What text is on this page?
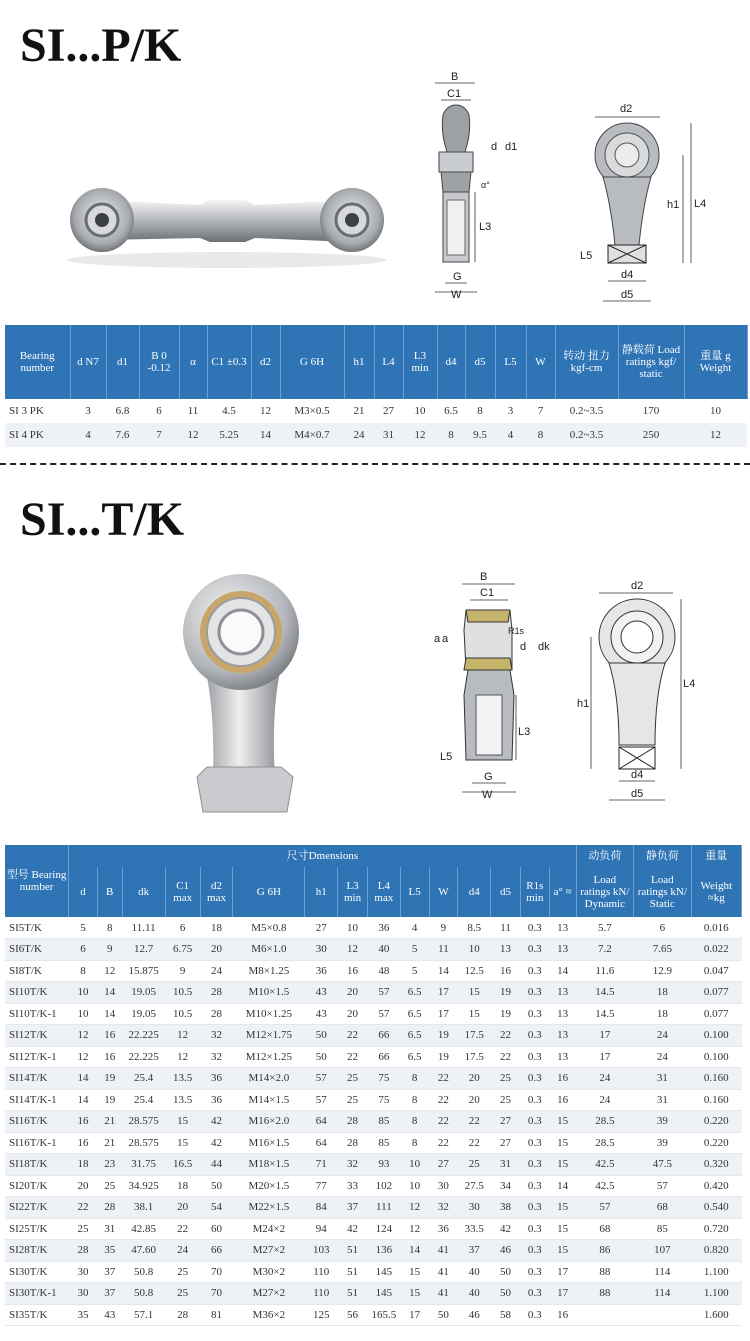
SI...P/K
B
C1
d d1
α°
L3
G
W
d2
h1 L4
L5
d4
d5
Bearing number	d N7	d1	B 0 -0.12	α	C1 ±0.3	d2	G 6H	h1	L4	L3 min	d4	d5	L5	W	转动 扭力 kgf-cm	静载荷 Load ratings kgf/ static	重量 g Weight
SI 3 PK	3	6.8	6	11	4.5	12	M3×0.5	21	27	10	6.5	8	3	7	0.2~3.5	170	10
SI 4 PK	4	7.6	7	12	5.25	14	M4×0.7	24	31	12	8	9.5	4	8	0.2~3.5	250	12
SI...T/K
B
C1
R1s
d dk
a a
L3
L5
G
W
d2
h1
L4
d4
d5
型号 Bearing number	尺寸Dmensions															动负荷	静负荷	重量
	d	B	dk	C1 max	d2 max	G 6H	h1	L3 min	L4 max	L5	W	d4	d5	R1s min	a° ≈	Load ratings kN/ Dynamic	Load ratings kN/ Static	Weight ≈kg
SI5T/K	5	8	11.11	6	18	M5×0.8	27	10	36	4	9	8.5	11	0.3	13	5.7	6	0.016
SI6T/K	6	9	12.7	6.75	20	M6×1.0	30	12	40	5	11	10	13	0.3	13	7.2	7.65	0.022
SI8T/K	8	12	15.875	9	24	M8×1.25	36	16	48	5	14	12.5	16	0.3	14	11.6	12.9	0.047
SI10T/K	10	14	19.05	10.5	28	M10×1.5	43	20	57	6.5	17	15	19	0.3	13	14.5	18	0.077
SI10T/K-1	10	14	19.05	10.5	28	M10×1.25	43	20	57	6.5	17	15	19	0.3	13	14.5	18	0.077
SI12T/K	12	16	22.225	12	32	M12×1.75	50	22	66	6.5	19	17.5	22	0.3	13	17	24	0.100
SI12T/K-1	12	16	22.225	12	32	M12×1.25	50	22	66	6.5	19	17.5	22	0.3	13	17	24	0.100
SI14T/K	14	19	25.4	13.5	36	M14×2.0	57	25	75	8	22	20	25	0.3	16	24	31	0.160
SI14T/K-1	14	19	25.4	13.5	36	M14×1.5	57	25	75	8	22	20	25	0.3	16	24	31	0.160
SI16T/K	16	21	28.575	15	42	M16×2.0	64	28	85	8	22	22	27	0.3	15	28.5	39	0.220
SI16T/K-1	16	21	28.575	15	42	M16×1.5	64	28	85	8	22	22	27	0.3	15	28.5	39	0.220
SI18T/K	18	23	31.75	16.5	44	M18×1.5	71	32	93	10	27	25	31	0.3	15	42.5	47.5	0.320
SI20T/K	20	25	34.925	18	50	M20×1.5	77	33	102	10	30	27.5	34	0.3	14	42.5	57	0.420
SI22T/K	22	28	38.1	20	54	M22×1.5	84	37	111	12	32	30	38	0.3	15	57	68	0.540
SI25T/K	25	31	42.85	22	60	M24×2	94	42	124	12	36	33.5	42	0.3	15	68	85	0.720
SI28T/K	28	35	47.60	24	66	M27×2	103	51	136	14	41	37	46	0.3	15	86	107	0.820
SI30T/K	30	37	50.8	25	70	M30×2	110	51	145	15	41	40	50	0.3	17	88	114	1.100
SI30T/K-1	30	37	50.8	25	70	M27×2	110	51	145	15	41	40	50	0.3	17	88	114	1.100
SI35T/K	35	43	57.1	28	81	M36×2	125	56	165.5	17	50	46	58	0.3	16			1.600
